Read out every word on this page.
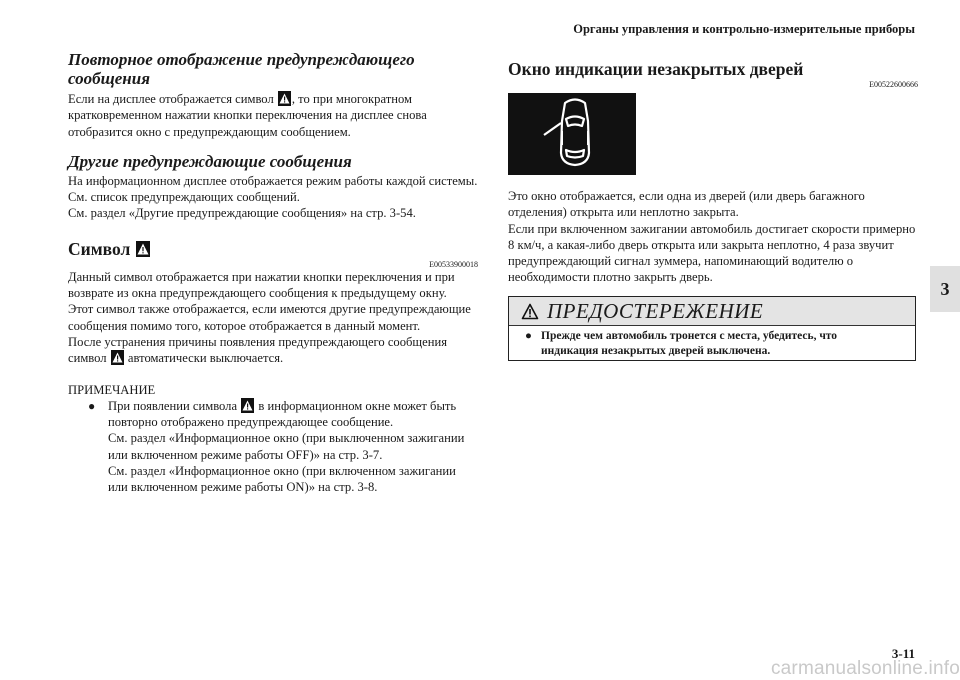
Органы управления и контрольно-измерительные приборы
Повторное отображение предупреждающего сообщения

Если на дисплее отображается символ
, то при многократном кратковременном нажатии кнопки переключения на дисплее снова отобразится окно с предупреждающим сообщением.

Другие предупреждающие сообщения

На информационном дисплее отображается режим работы каждой системы.

См. список предупреждающих сообщений.

См. раздел «Другие предупреждающие сообщения» на стр. 3-54.

Символ
E00533900018

Данный символ отображается при нажатии кнопки переключения и при возврате из окна предупреждающего сообщения к предыдущему окну.

Этот символ также отображается, если имеются другие предупреждающие сообщения помимо того, которое отображается в данный момент.

После устранения причины появления предупреждающего сообщения символ
автоматически выключается.

ПРИМЕЧАНИЕ

●	При появлении символа
в информационном окне может быть повторно отображено предупреждающее сообщение.

См. раздел «Информационное окно (при выключенном зажигании или включенном режиме работы OFF)» на стр. 3-7.

См. раздел «Информационное окно (при включенном зажигании или включенном режиме работы ON)» на стр. 3-8.

Окно индикации незакрытых дверей
E00522600666

Это окно отображается, если одна из дверей (или дверь багажного отделения) открыта или неплотно закрыта.

Если при включенном зажигании автомобиль достигает скорости примерно 8 км/ч, а какая-либо дверь открыта или закрыта неплотно, 4 раза звучит предупреждающий сигнал зуммера, напоминающий водителю о необходимости плотно закрыть дверь.

ПРЕДОСТЕРЕЖЕНИЕ
● Прежде чем автомобиль тронется с места, убедитесь, что индикация незакрытых дверей выключена.
3
3-11
carmanualsonline.info
